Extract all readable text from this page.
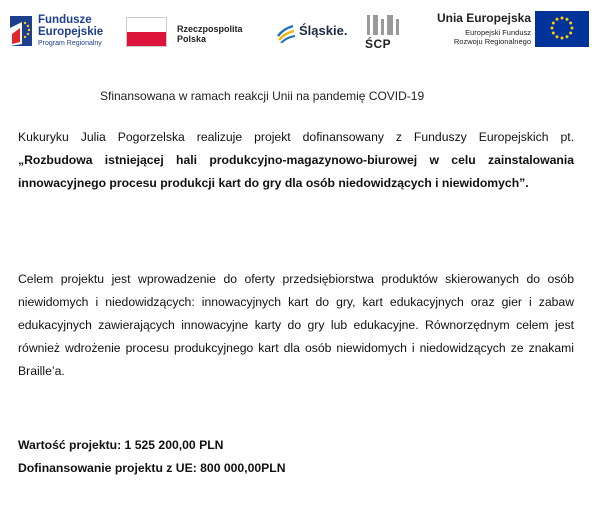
Fundusze
Europejskie
Program Regionalny
Rzeczpospolita
Polska
Śląskie.
ŚCP
Unia Europejska
Europejski Fundusz
Rozwoju Regionalnego
Sfinansowana w ramach reakcji Unii na pandemię COVID-19
Kukuryku Julia Pogorzelska realizuje projekt dofinansowany z Funduszy Europejskich pt. „Rozbudowa istniejącej hali produkcyjno-magazynowo-biurowej w celu zainstalowania innowacyjnego procesu produkcji kart do gry dla osób niedowidzących i niewidomych”.
Celem projektu jest wprowadzenie do oferty przedsiębiorstwa produktów skierowanych do osób niewidomych i niedowidzących: innowacyjnych kart do gry, kart edukacyjnych oraz gier i zabaw edukacyjnych zawierających innowacyjne karty do gry lub edukacyjne. Równorzędnym celem jest również wdrożenie procesu produkcyjnego kart dla osób niewidomych i niedowidzących ze znakami Braille’a.
Wartość projektu: 1 525 200,00 PLN
Dofinansowanie projektu z UE: 800 000,00PLN
